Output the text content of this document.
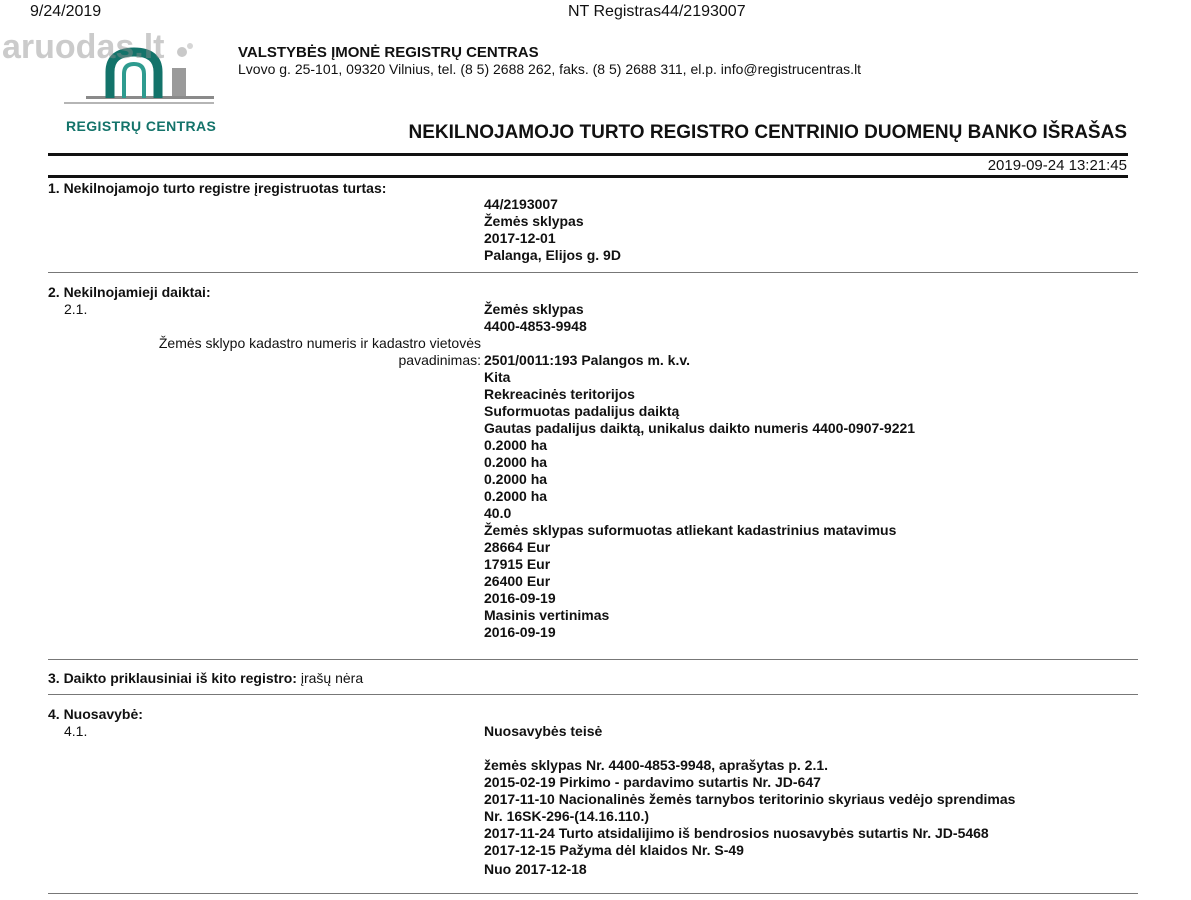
9/24/2019	NT Registras44/2193007
REGISTRŲ CENTRAS
aruodas.lt	VALSTYBĖS ĮMONĖ REGISTRŲ CENTRAS
Lvovo g. 25-101, 09320 Vilnius, tel. (8 5) 2688 262, faks. (8 5) 2688 311, el.p. info@registrucentras.lt
NEKILNOJAMOJO TURTO REGISTRO CENTRINIO DUOMENŲ BANKO IŠRAŠAS
2019-09-24 13:21:45
1. Nekilnojamojo turto registre įregistruotas turtas:
44/2193007
Žemės sklypas
2017-12-01
Palanga, Elijos g. 9D
2. Nekilnojamieji daiktai:
2.1.	Žemės sklypas
4400-4853-9948
Žemės sklypo kadastro numeris ir kadastro vietovės
pavadinimas: 2501/0011:193 Palangos m. k.v.
Kita
Rekreacinės teritorijos
Suformuotas padalijus daiktą
Gautas padalijus daiktą, unikalus daikto numeris 4400-0907-9221
0.2000 ha
0.2000 ha
0.2000 ha
0.2000 ha
40.0
Žemės sklypas suformuotas atliekant kadastrinius matavimus
28664 Eur
17915 Eur
26400 Eur
2016-09-19
Masinis vertinimas
2016-09-19
3. Daikto priklausiniai iš kito registro: įrašų nėra
4. Nuosavybė:
4.1.	Nuosavybės teisė
žemės sklypas Nr. 4400-4853-9948, aprašytas p. 2.1.
2015-02-19 Pirkimo - pardavimo sutartis Nr. JD-647
2017-11-10 Nacionalinės žemės tarnybos teritorinio skyriaus vedėjo sprendimas
Nr. 16SK-296-(14.16.110.)
2017-11-24 Turto atsidalijimo iš bendrosios nuosavybės sutartis Nr. JD-5468
2017-12-15 Pažyma dėl klaidos Nr. S-49
Nuo 2017-12-18
